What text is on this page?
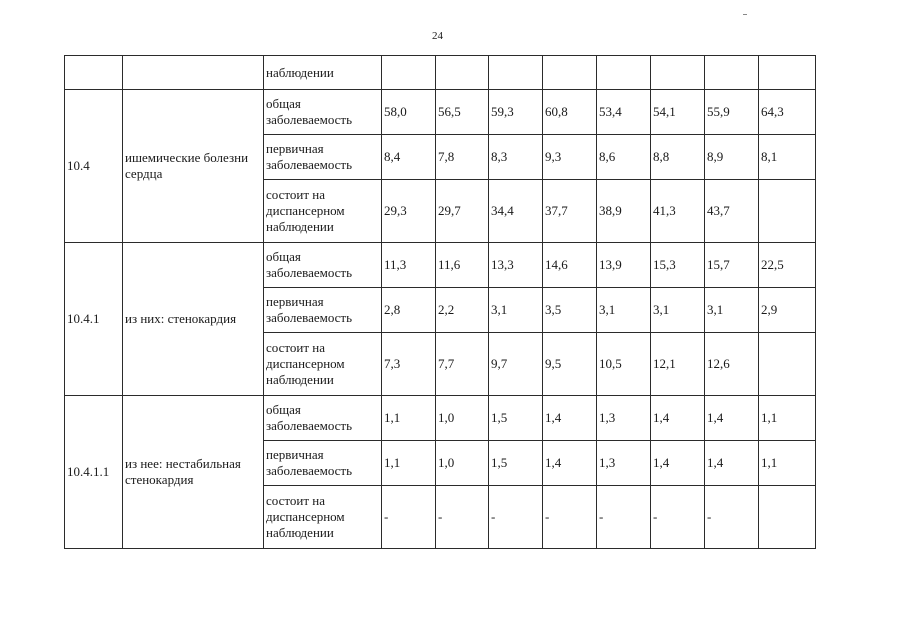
24
		наблюдении								
10.4	ишемические болезни сердца	общая заболеваемость	58,0	56,5	59,3	60,8	53,4	54,1	55,9	64,3
		первичная заболеваемость	8,4	7,8	8,3	9,3	8,6	8,8	8,9	8,1
		состоит на диспансерном наблюдении	29,3	29,7	34,4	37,7	38,9	41,3	43,7	
10.4.1	из них: стенокардия	общая заболеваемость	11,3	11,6	13,3	14,6	13,9	15,3	15,7	22,5
		первичная заболеваемость	2,8	2,2	3,1	3,5	3,1	3,1	3,1	2,9
		состоит на диспансерном наблюдении	7,3	7,7	9,7	9,5	10,5	12,1	12,6	
10.4.1.1	из нее: нестабильная стенокардия	общая заболеваемость	1,1	1,0	1,5	1,4	1,3	1,4	1,4	1,1
		первичная заболеваемость	1,1	1,0	1,5	1,4	1,3	1,4	1,4	1,1
		состоит на диспансерном наблюдении	-	-	-	-	-	-	-	
